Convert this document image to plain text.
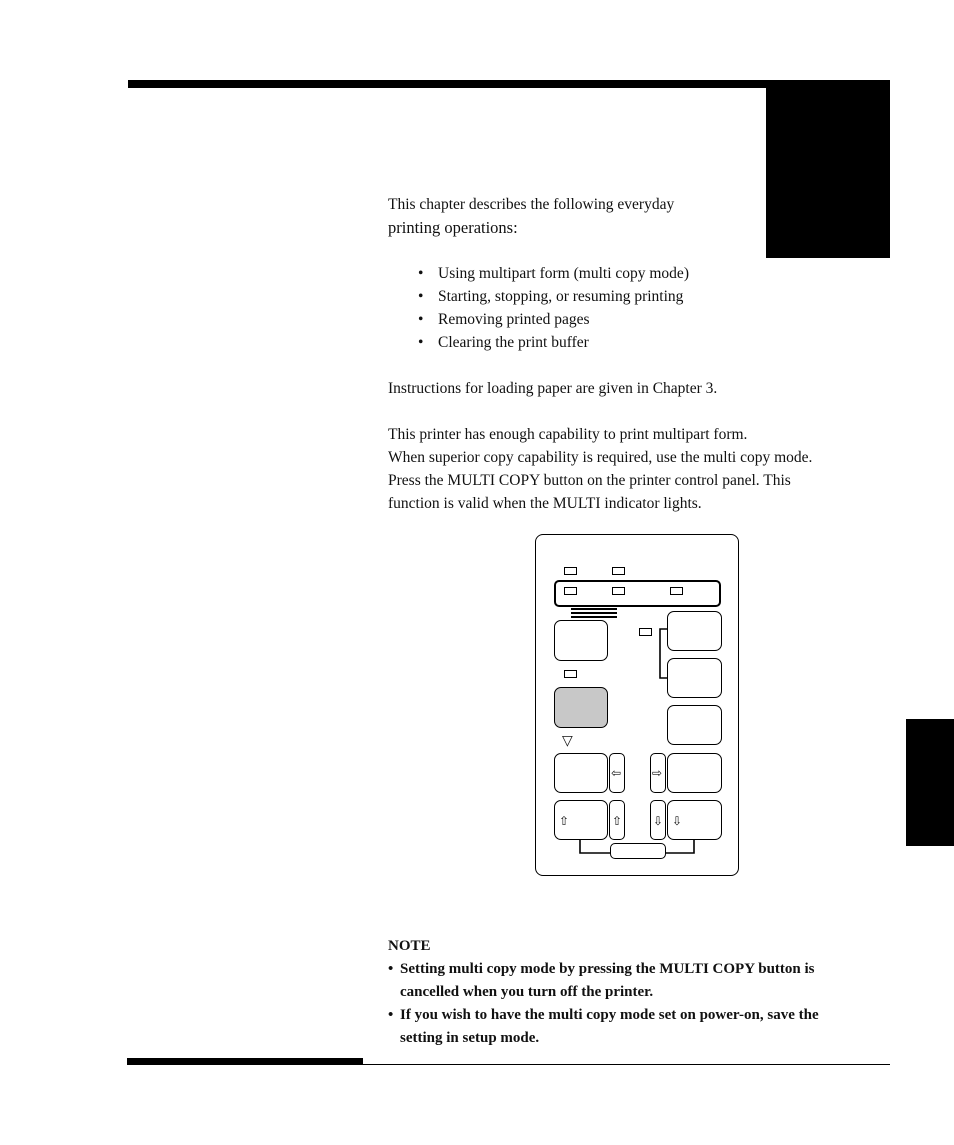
This chapter describes the following everyday
printing operations:
• Using multipart form (multi copy mode)
• Starting, stopping, or resuming printing
• Removing printed pages
• Clearing the print buffer
Instructions for loading paper are given in Chapter 3.
This printer has enough capability to print multipart form.
When superior copy capability is required, use the multi copy mode.
Press the MULTI COPY button on the printer control panel. This
function is valid when the MULTI indicator lights.
▽
⇦	⇨
⇧	⇧	⇩ ⇩
NOTE
• Setting multi copy mode by pressing the MULTI COPY button is
cancelled when you turn off the printer.
• If you wish to have the multi copy mode set on power-on, save the
setting in setup mode.
